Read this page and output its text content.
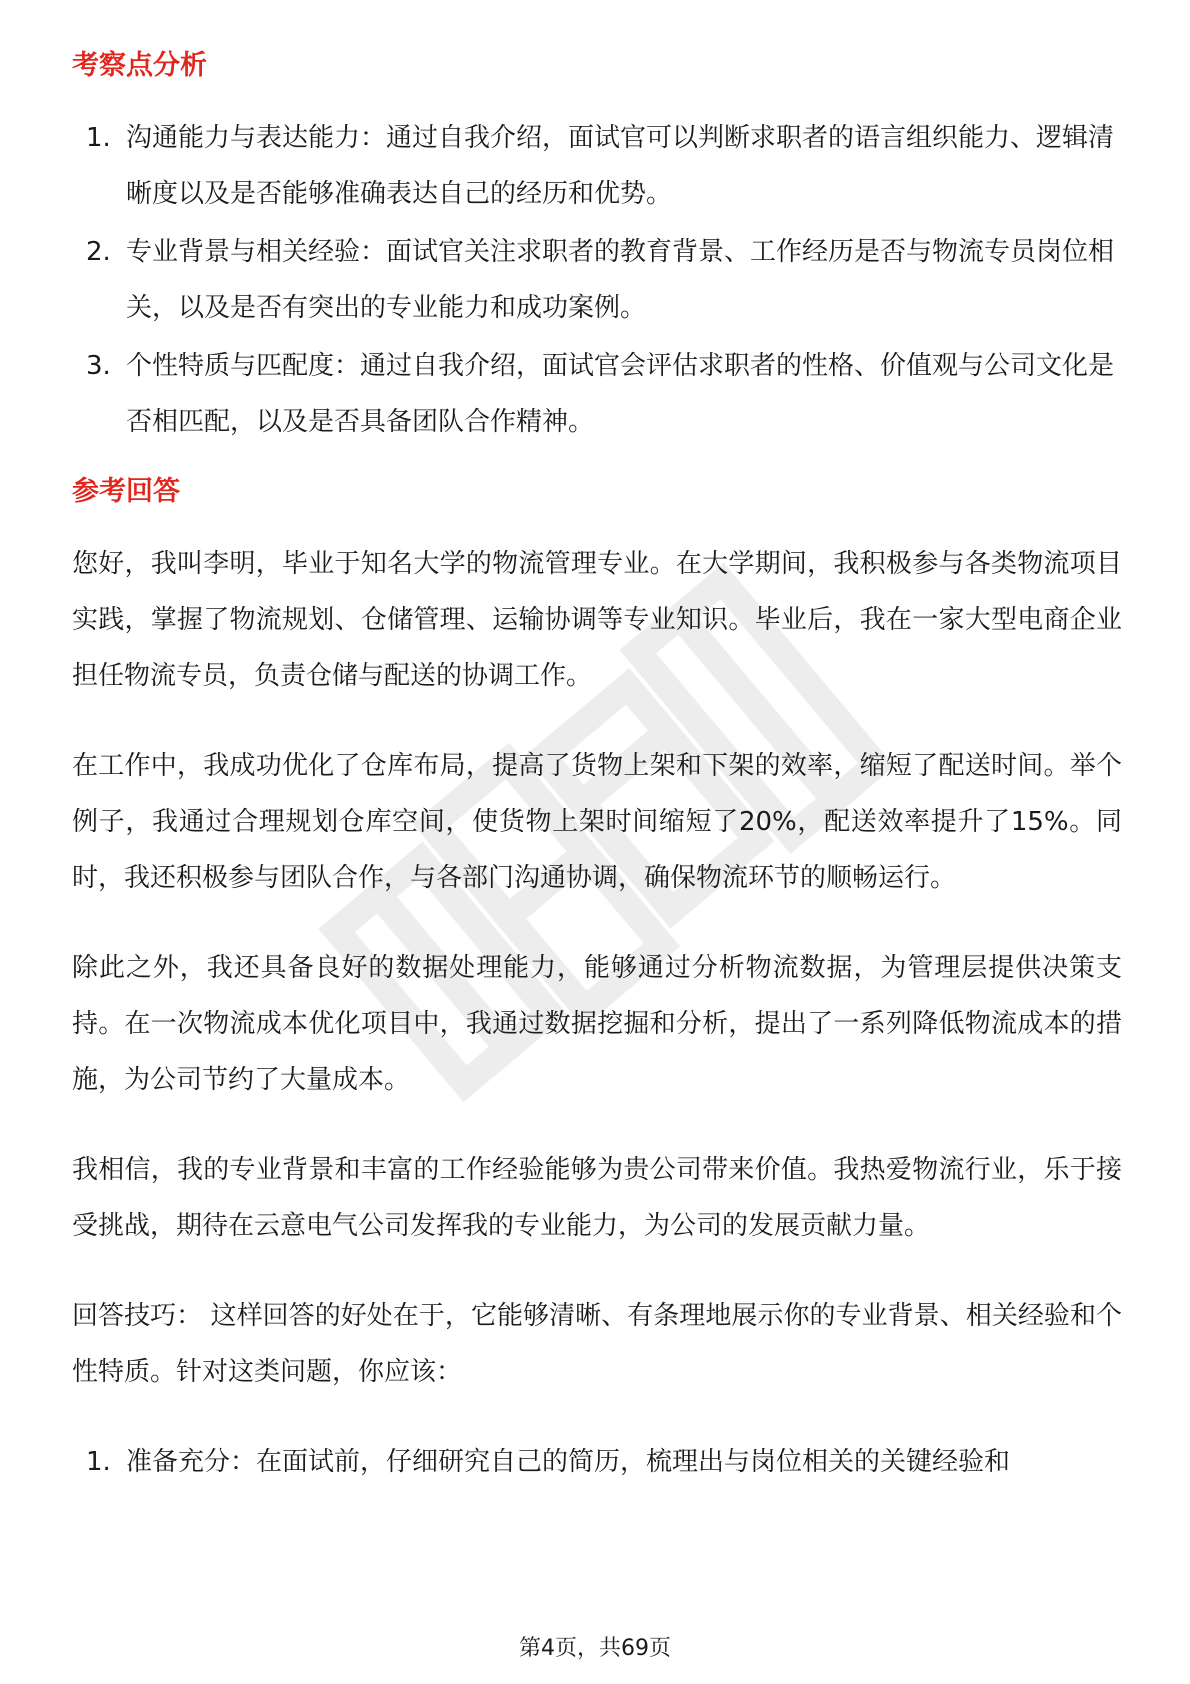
考察点分析
1. 沟通能力与表达能力：通过自我介绍，面试官可以判断求职者的语言组织能力、逻辑清晰度以及是否能够准确表达自己的经历和优势。
2. 专业背景与相关经验：面试官关注求职者的教育背景、工作经历是否与物流专员岗位相关，以及是否有突出的专业能力和成功案例。
3. 个性特质与匹配度：通过自我介绍，面试官会评估求职者的性格、价值观与公司文化是否相匹配，以及是否具备团队合作精神。
参考回答

您好，我叫李明，毕业于知名大学的物流管理专业。在大学期间，我积极参与各类物流项目实践，掌握了物流规划、仓储管理、运输协调等专业知识。毕业后，我在一家大型电商企业担任物流专员，负责仓储与配送的协调工作。

在工作中，我成功优化了仓库布局，提高了货物上架和下架的效率，缩短了配送时间。举个例子，我通过合理规划仓库空间，使货物上架时间缩短了20%，配送效率提升了15%。同时，我还积极参与团队合作，与各部门沟通协调，确保物流环节的顺畅运行。

除此之外，我还具备良好的数据处理能力，能够通过分析物流数据，为管理层提供决策支持。在一次物流成本优化项目中，我通过数据挖掘和分析，提出了一系列降低物流成本的措施，为公司节约了大量成本。

我相信，我的专业背景和丰富的工作经验能够为贵公司带来价值。我热爱物流行业，乐于接受挑战，期待在云意电气公司发挥我的专业能力，为公司的发展贡献力量。

回答技巧： 这样回答的好处在于，它能够清晰、有条理地展示你的专业背景、相关经验和个性特质。针对这类问题，你应该：

1. 准备充分：在面试前，仔细研究自己的简历，梳理出与岗位相关的关键经验和
第4页，共69页
